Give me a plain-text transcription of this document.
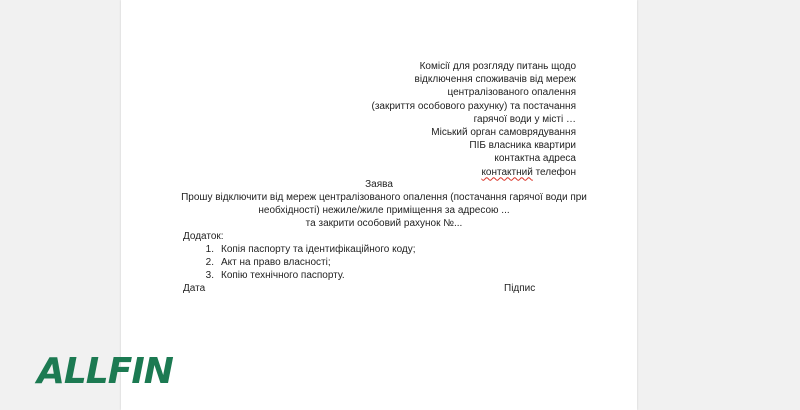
Комісії для розгляду питань щодо
відключення споживачів від мереж
централізованого опалення
(закриття особового рахунку) та постачання
гарячої води у місті …
Міський орган самоврядування
ПІБ власника квартири
контактна адреса
контактний телефон
Заява
Прошу відключити від мереж централізованого опалення (постачання гарячої води при
необхідності) нежиле/жиле приміщення за адресою ...
та закрити особовий рахунок №...
Додаток:
1. Копія паспорту та ідентифікаційного коду;
2. Акт на право власності;
3. Копію технічного паспорту.
Дата	Підпис
ALLFIN
